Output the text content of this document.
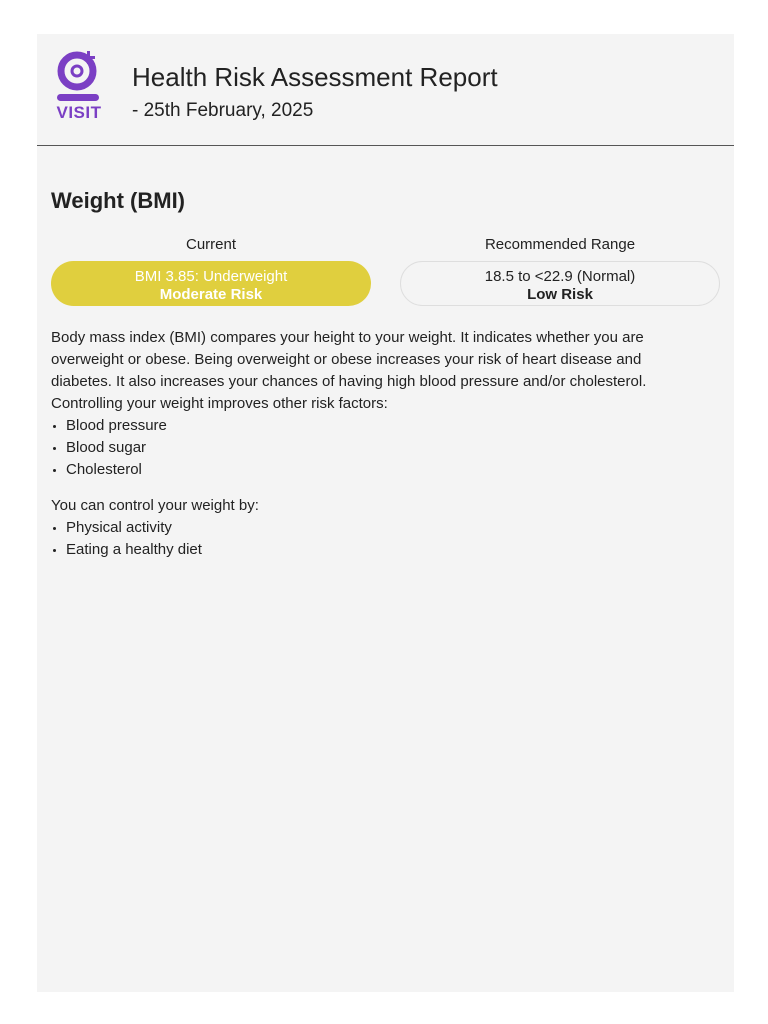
VISIT
Health Risk Assessment Report
- 25th February, 2025
Weight (BMI)
Current	Recommended Range
BMI 3.85: Underweight
Moderate Risk
18.5 to <22.9 (Normal)
Low Risk

Body mass index (BMI) compares your height to your weight. It indicates whether you are overweight or obese. Being overweight or obese increases your risk of heart disease and diabetes. It also increases your chances of having high blood pressure and/or cholesterol. Controlling your weight improves other risk factors:

• Blood pressure
• Blood sugar
• Cholesterol

You can control your weight by:

• Physical activity
• Eating a healthy diet
